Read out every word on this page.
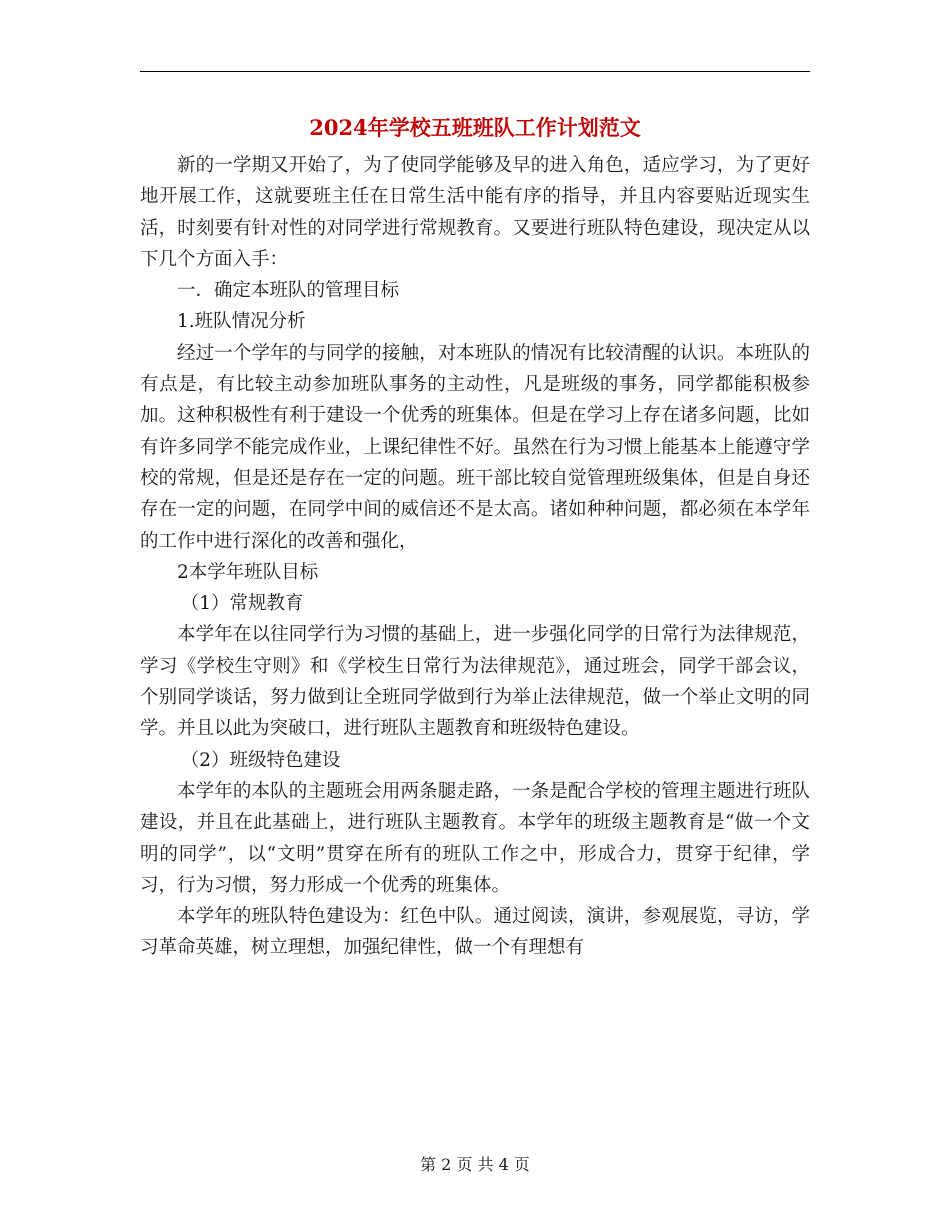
2024年学校五班班队工作计划范文

新的一学期又开始了，为了使同学能够及早的进入角色，适应学习，为了更好地开展工作，这就要班主任在日常生活中能有序的指导，并且内容要贴近现实生活，时刻要有针对性的对同学进行常规教育。又要进行班队特色建设，现决定从以下几个方面入手：

一．确定本班队的管理目标

1.班队情况分析

经过一个学年的与同学的接触，对本班队的情况有比较清醒的认识。本班队的有点是，有比较主动参加班队事务的主动性，凡是班级的事务，同学都能积极参加。这种积极性有利于建设一个优秀的班集体。但是在学习上存在诸多问题，比如有许多同学不能完成作业，上课纪律性不好。虽然在行为习惯上能基本上能遵守学校的常规，但是还是存在一定的问题。班干部比较自觉管理班级集体，但是自身还存在一定的问题，在同学中间的威信还不是太高。诸如种种问题，都必须在本学年的工作中进行深化的改善和强化，

2本学年班队目标

（1）常规教育

本学年在以往同学行为习惯的基础上，进一步强化同学的日常行为法律规范，学习《学校生守则》和《学校生日常行为法律规范》，通过班会，同学干部会议，个别同学谈话，努力做到让全班同学做到行为举止法律规范，做一个举止文明的同学。并且以此为突破口，进行班队主题教育和班级特色建设。

（2）班级特色建设

本学年的本队的主题班会用两条腿走路，一条是配合学校的管理主题进行班队建设，并且在此基础上，进行班队主题教育。本学年的班级主题教育是“做一个文明的同学”，以“文明”贯穿在所有的班队工作之中，形成合力，贯穿于纪律，学习，行为习惯，努力形成一个优秀的班集体。

本学年的班队特色建设为：红色中队。通过阅读，演讲，参观展览，寻访，学习革命英雄，树立理想，加强纪律性，做一个有理想有

第 2 页 共 4 页
